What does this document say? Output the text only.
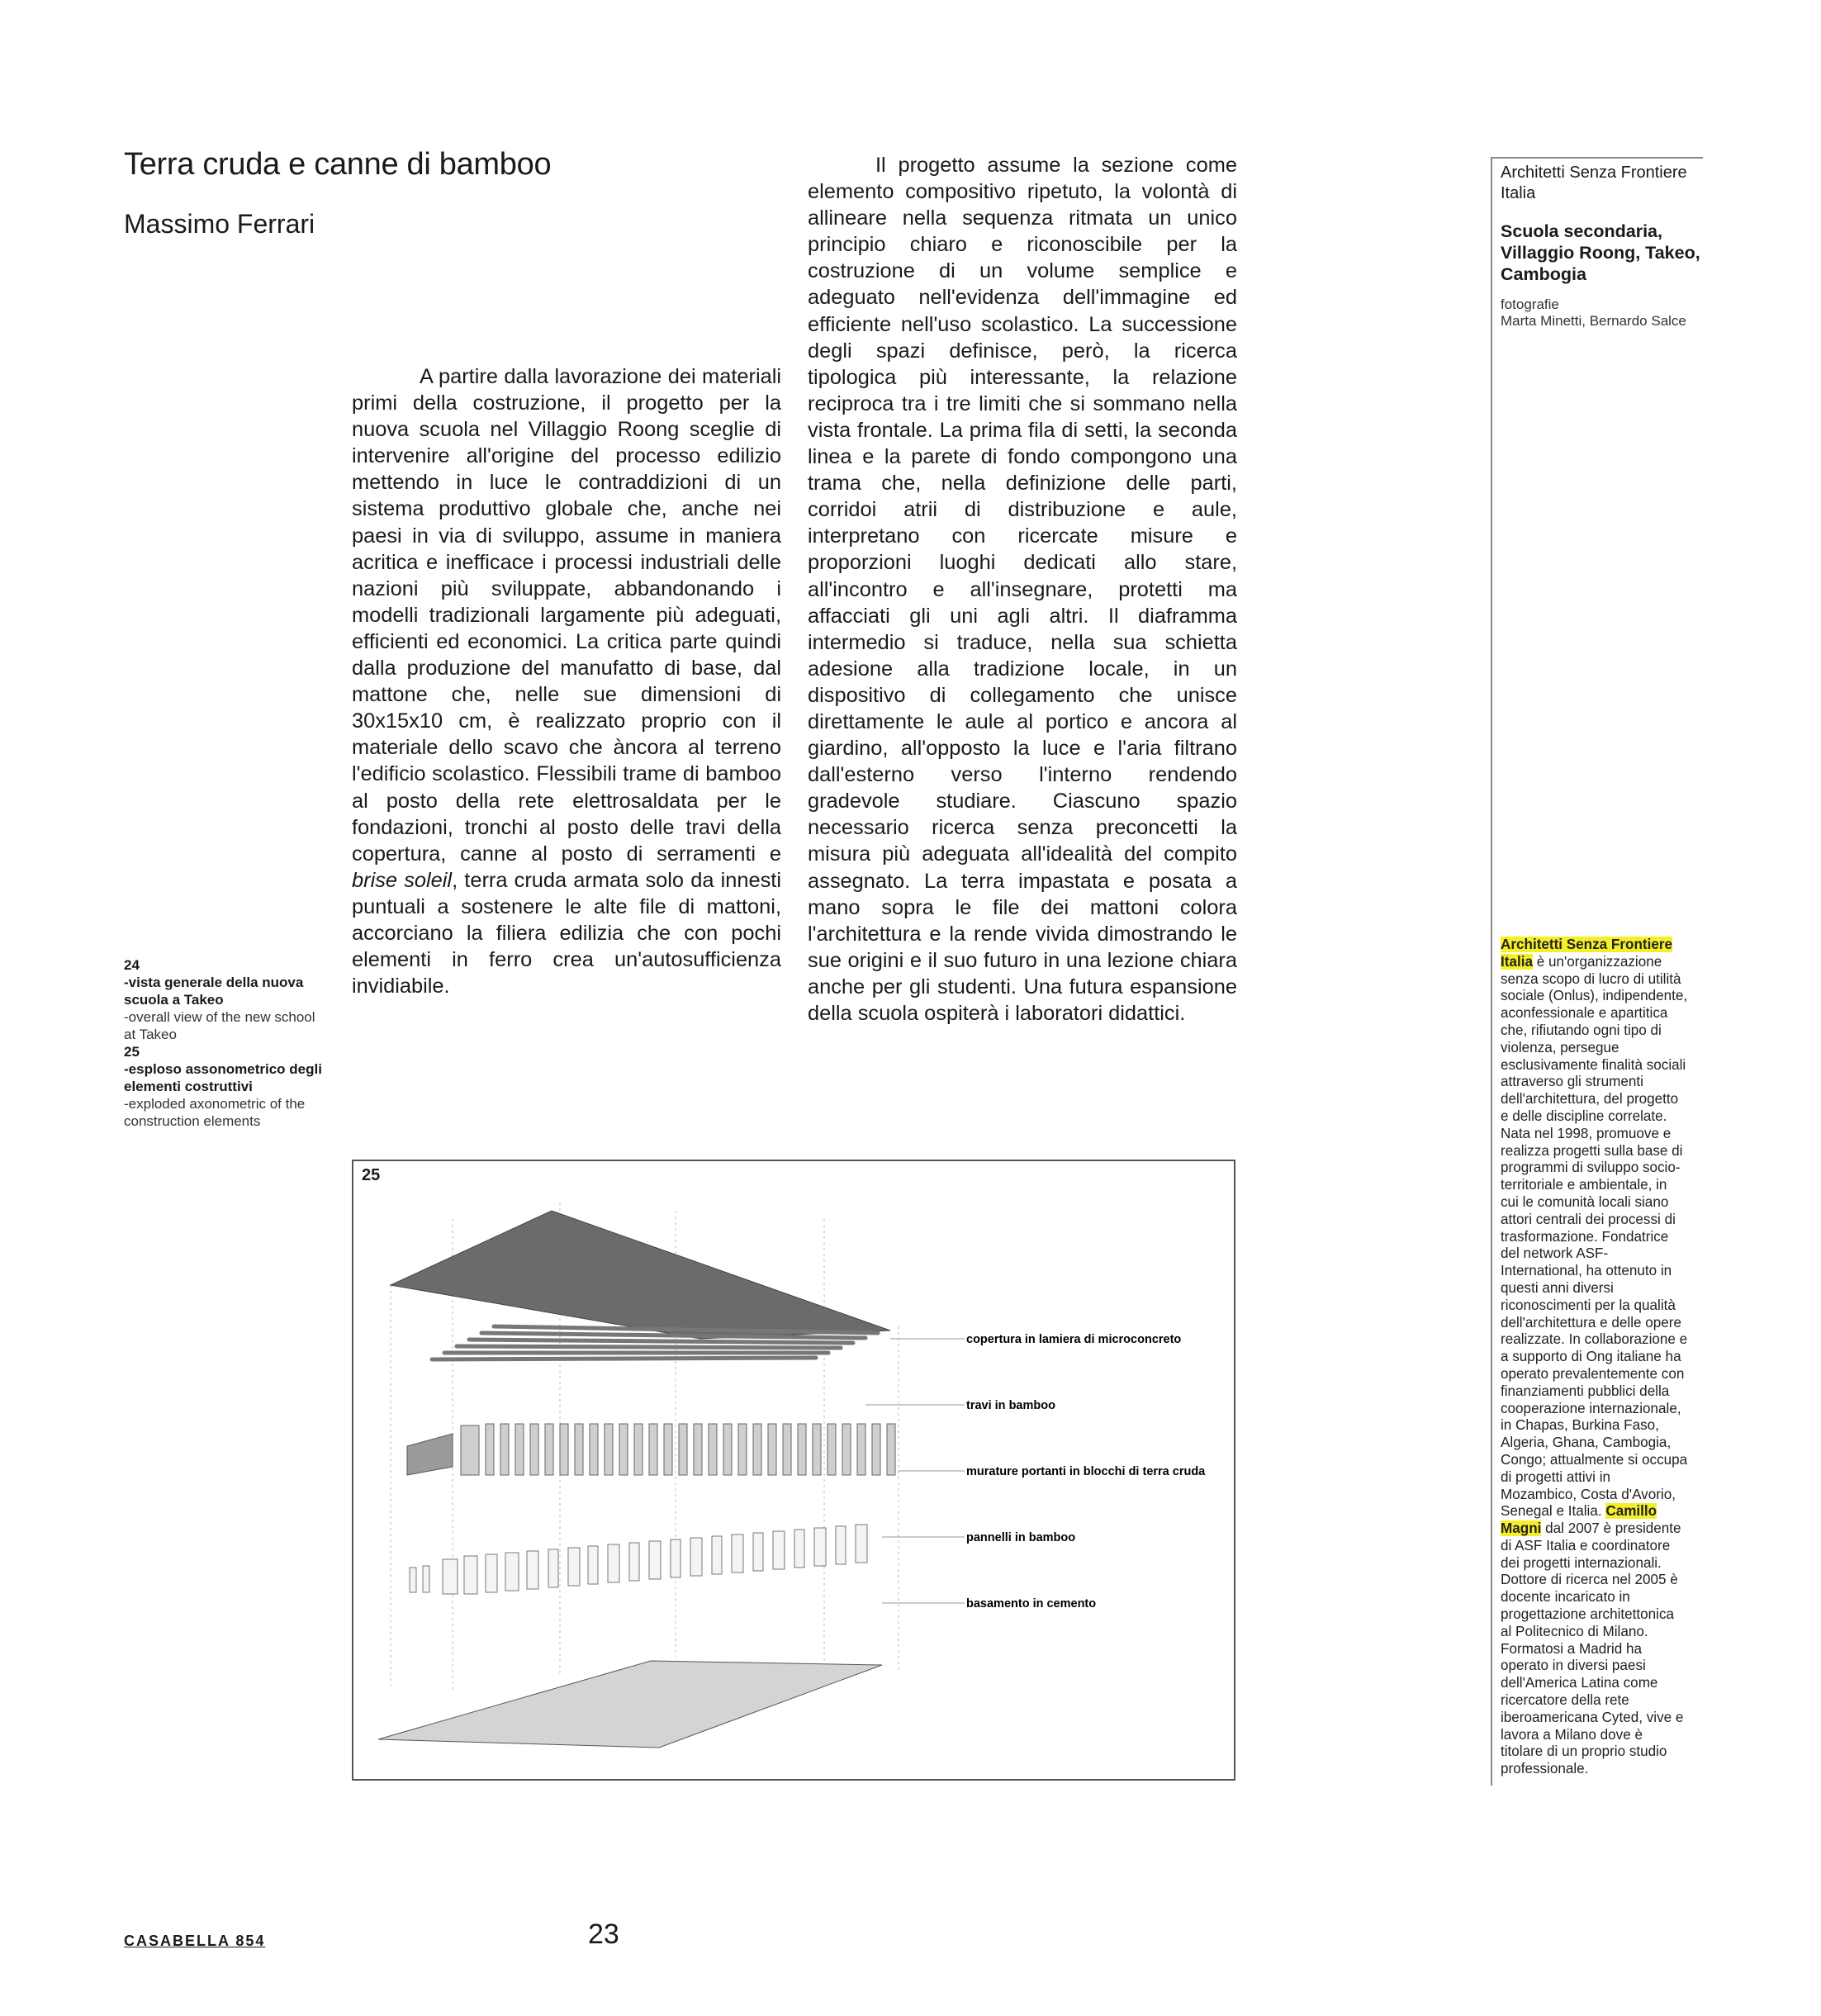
Terra cruda e canne di bamboo
Massimo Ferrari

A partire dalla lavorazione dei materiali primi della costruzione, il progetto per la nuova scuola nel Villaggio Roong sceglie di intervenire all'origine del processo edilizio mettendo in luce le contraddizioni di un sistema produttivo globale che, anche nei paesi in via di sviluppo, assume in maniera acritica e inefficace i processi industriali delle nazioni più sviluppate, abbandonando i modelli tradizionali largamente più adeguati, efficienti ed economici. La critica parte quindi dalla produzione del manufatto di base, dal mattone che, nelle sue dimensioni di 30x15x10 cm, è realizzato proprio con il materiale dello scavo che àncora al terreno l'edificio scolastico. Flessibili trame di bamboo al posto della rete elettrosaldata per le fondazioni, tronchi al posto delle travi della copertura, canne al posto di serramenti e brise soleil, terra cruda armata solo da innesti puntuali a sostenere le alte file di mattoni, accorciano la filiera edilizia che con pochi elementi in ferro crea un'autosufficienza invidiabile.

Il progetto assume la sezione come elemento compositivo ripetuto, la volontà di allineare nella sequenza ritmata un unico principio chiaro e riconoscibile per la costruzione di un volume semplice e adeguato nell'evidenza dell'immagine ed efficiente nell'uso scolastico. La successione degli spazi definisce, però, la ricerca tipologica più interessante, la relazione reciproca tra i tre limiti che si sommano nella vista frontale. La prima fila di setti, la seconda linea e la parete di fondo compongono una trama che, nella definizione delle parti, corridoi atrii di distribuzione e aule, interpretano con ricercate misure e proporzioni luoghi dedicati allo stare, all'incontro e all'insegnare, protetti ma affacciati gli uni agli altri. Il diaframma intermedio si traduce, nella sua schietta adesione alla tradizione locale, in un dispositivo di collegamento che unisce direttamente le aule al portico e ancora al giardino, all'opposto la luce e l'aria filtrano dall'esterno verso l'interno rendendo gradevole studiare. Ciascuno spazio necessario ricerca senza preconcetti la misura più adeguata all'idealità del compito assegnato. La terra impastata e posata a mano sopra le file dei mattoni colora l'architettura e la rende vivida dimostrando le sue origini e il suo futuro in una lezione chiara anche per gli studenti. Una futura espansione della scuola ospiterà i laboratori didattici.

24
-vista generale della nuova scuola a Takeo
-overall view of the new school at Takeo
25
-esploso assonometrico degli elementi costruttivi
-exploded axonometric of the construction elements
Architetti Senza Frontiere Italia
Scuola secondaria, Villaggio Roong, Takeo, Cambogia
fotografie
Marta Minetti, Bernardo Salce
Architetti Senza Frontiere Italia è un'organizzazione senza scopo di lucro di utilità sociale (Onlus), indipendente, aconfessionale e apartitica che, rifiutando ogni tipo di violenza, persegue esclusivamente finalità sociali attraverso gli strumenti dell'architettura, del progetto e delle discipline correlate. Nata nel 1998, promuove e realizza progetti sulla base di programmi di sviluppo socio-territoriale e ambientale, in cui le comunità locali siano attori centrali dei processi di trasformazione. Fondatrice del network ASF-International, ha ottenuto in questi anni diversi riconoscimenti per la qualità dell'architettura e delle opere realizzate. In collaborazione e a supporto di Ong italiane ha operato prevalentemente con finanziamenti pubblici della cooperazione internazionale, in Chapas, Burkina Faso, Algeria, Ghana, Cambogia, Congo; attualmente si occupa di progetti attivi in Mozambico, Costa d'Avorio, Senegal e Italia. Camillo Magni dal 2007 è presidente di ASF Italia e coordinatore dei progetti internazionali. Dottore di ricerca nel 2005 è docente incaricato in progettazione architettonica al Politecnico di Milano. Formatosi a Madrid ha operato in diversi paesi dell'America Latina come ricercatore della rete iberoamericana Cyted, vive e lavora a Milano dove è titolare di un proprio studio professionale.
25
copertura in lamiera di microconcreto
travi in bamboo
murature portanti in blocchi di terra cruda
pannelli in bamboo
basamento in cemento
CASABELLA 854	23
